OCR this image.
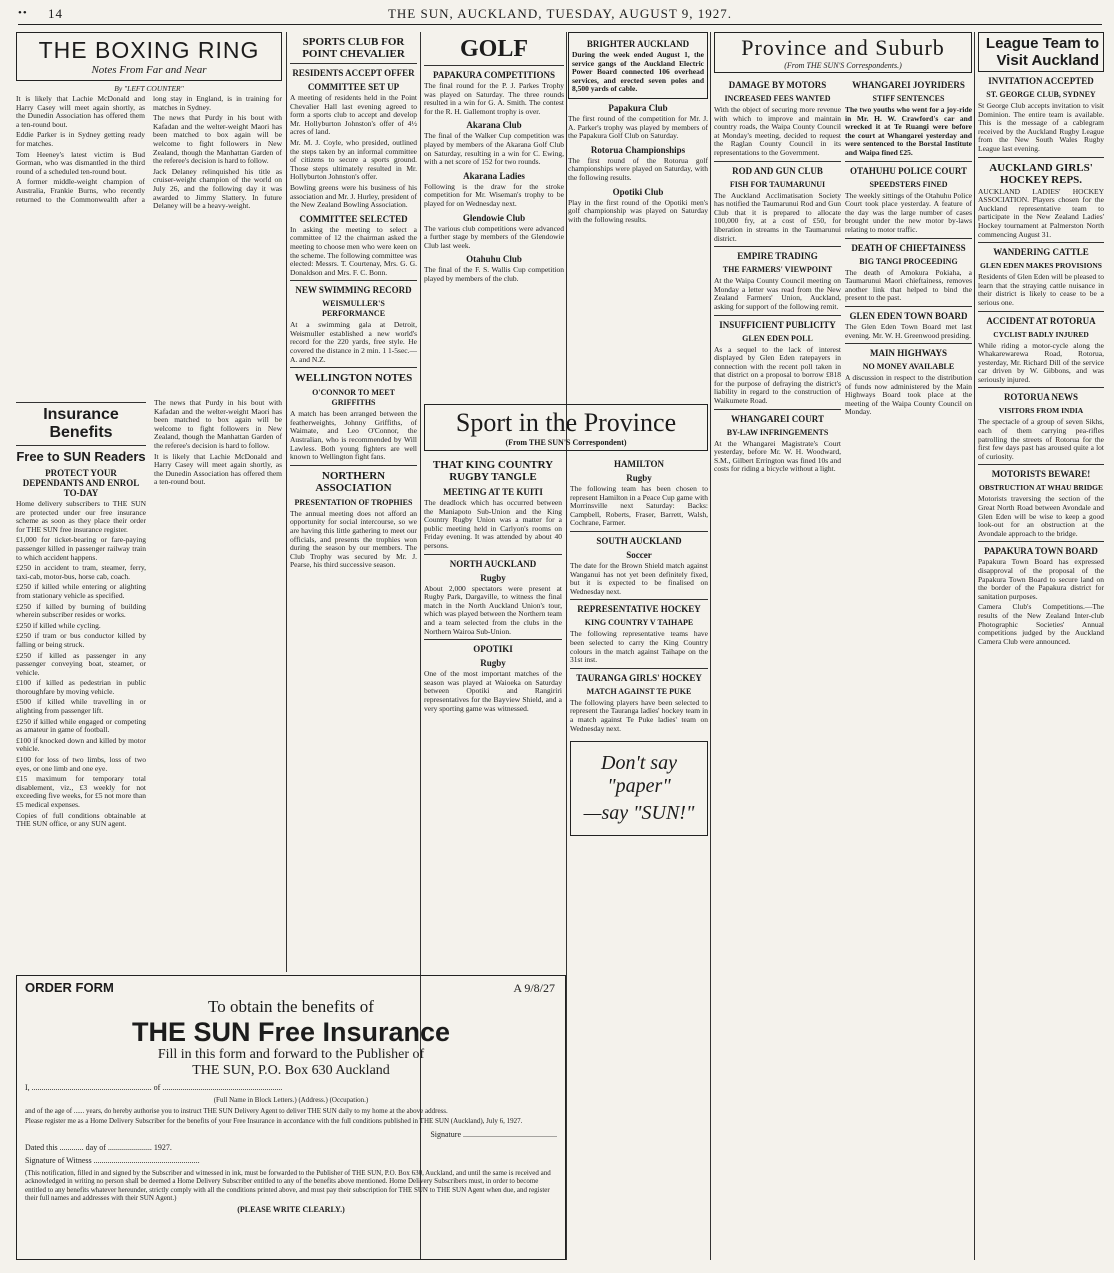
•• 14	THE SUN, AUCKLAND, TUESDAY, AUGUST 9, 1927.
THE BOXING RING
Notes From Far and Near
By "LEFT COUNTER"

It is likely that Lachie McDonald and Harry Casey will meet again shortly, as the Dunedin Association has offered them a ten-round bout.

Eddie Parker is in Sydney getting ready for matches.

Tom Heeney's latest victim is Bud Gorman, who was dismantled in the third round of a scheduled ten-round bout.

A former middle-weight champion of Australia, Frankie Burns, who recently returned to the Commonwealth after a long stay in England, is in training for matches in Sydney.

The news that Purdy in his bout with Kafadan and the welter-weight Maori has been matched to box again will be welcome to fight followers in New Zealand, though the Manhattan Garden of the referee's decision is hard to follow.

Jack Delaney relinquished his title as cruiser-weight champion of the world on July 26, and the following day it was awarded to Jimmy Slattery. In future Delaney will be a heavy-weight.

Insurance Benefits
Free to SUN Readers
PROTECT YOUR DEPENDANTS AND ENROL TO-DAY

Home delivery subscribers to THE SUN are protected under our free insurance scheme as soon as they place their order for THE SUN free insurance register.

£1,000 for ticket-bearing or fare-paying passenger killed in passenger railway train to which accident happens.

£250 in accident to tram, steamer, ferry, taxi-cab, motor-bus, horse cab, coach.

£250 if killed while entering or alighting from stationary vehicle as specified.

£250 if killed by burning of building wherein subscriber resides or works.

£250 if killed while cycling.

£250 if tram or bus conductor killed by falling or being struck.

£250 if killed as passenger in any passenger conveying boat, steamer, or vehicle.

£100 if killed as pedestrian in public thoroughfare by moving vehicle.

£500 if killed while travelling in or alighting from passenger lift.

£250 if killed while engaged or competing as amateur in game of football.

£100 if knocked down and killed by motor vehicle.

£100 for loss of two limbs, loss of two eyes, or one limb and one eye.

£15 maximum for temporary total disablement, viz., £3 weekly for not exceeding five weeks, for £5 not more than £5 medical expenses.

Copies of full conditions obtainable at THE SUN office, or any SUN agent.

The news that Purdy in his bout with Kafadan and the welter-weight Maori has been matched to box again will be welcome to fight followers in New Zealand, though the Manhattan Garden of the referee's decision is hard to follow.

It is likely that Lachie McDonald and Harry Casey will meet again shortly, as the Dunedin Association has offered them a ten-round bout.

SPORTS CLUB FOR POINT CHEVALIER
RESIDENTS ACCEPT OFFER
COMMITTEE SET UP

A meeting of residents held in the Point Chevalier Hall last evening agreed to form a sports club to accept and develop Mr. Hollyburton Johnston's offer of 4½ acres of land.

Mr. M. J. Coyle, who presided, outlined the steps taken by an informal committee of citizens to secure a sports ground. Those steps ultimately resulted in Mr. Hollyburton Johnston's offer.

Bowling greens were his business of his association and Mr. J. Hurley, president of the New Zealand Bowling Association.

COMMITTEE SELECTED

In asking the meeting to select a committee of 12 the chairman asked the meeting to choose men who were keen on the scheme. The following committee was elected: Messrs. T. Courtenay, Mrs. G. G. Donaldson and Mrs. F. C. Bonn.

NEW SWIMMING RECORD
WEISMULLER'S PERFORMANCE

At a swimming gala at Detroit, Weismuller established a new world's record for the 220 yards, free style. He covered the distance in 2 min. 1 1-5sec.—A. and N.Z.

WELLINGTON NOTES
O'CONNOR TO MEET GRIFFITHS

A match has been arranged between the featherweights, Johnny Griffiths, of Waimate, and Leo O'Connor, the Australian, who is recommended by Will Lawless. Both young fighters are well known to Wellington fight fans.

NORTHERN ASSOCIATION
PRESENTATION OF TROPHIES

The annual meeting does not afford an opportunity for social intercourse, so we are having this little gathering to meet our officials, and presents the trophies won during the season by our members. The Club Trophy was secured by Mr. J. Pearse, his third successive season.

GOLF
PAPAKURA COMPETITIONS

The final round for the P. J. Parkes Trophy was played on Saturday. The three rounds resulted in a win for G. A. Smith. The contest for the R. H. Gallemont trophy is over.

Akarana Club

The final of the Walker Cup competition was played by members of the Akarana Golf Club on Saturday, resulting in a win for C. Ewing, with a net score of 152 for two rounds.

Akarana Ladies

Following is the draw for the stroke competition for Mr. Wiseman's trophy to be played for on Wednesday next.

Glendowie Club

The various club competitions were advanced a further stage by members of the Glendowie Club last week.

Otahuhu Club

The final of the F. S. Wallis Cup competition played by members of the club.

BRIGHTER AUCKLAND

During the week ended August 1, the service gangs of the Auckland Electric Power Board connected 106 overhead services, and erected seven poles and 8,500 yards of cable.

Papakura Club

The first round of the competition for Mr. J. A. Parker's trophy was played by members of the Papakura Golf Club on Saturday.

Rotorua Championships

The first round of the Rotorua golf championships were played on Saturday, with the following results.

Opotiki Club

Play in the first round of the Opotiki men's golf championship was played on Saturday with the following results.

Sport in the Province
(From THE SUN'S Correspondent)
THAT KING COUNTRY RUGBY TANGLE
MEETING AT TE KUITI

The deadlock which has occurred between the Maniapoto Sub-Union and the King Country Rugby Union was a matter for a public meeting held in Carlyon's rooms on Friday evening. It was attended by about 40 persons.

NORTH AUCKLAND
Rugby

About 2,000 spectators were present at Rugby Park, Dargaville, to witness the final match in the North Auckland Union's tour, which was played between the Northern team and a team selected from the clubs in the Northern Wairoa Sub-Union.

OPOTIKI
Rugby

One of the most important matches of the season was played at Waioeka on Saturday between Opotiki and Rangiriri representatives for the Bayview Shield, and a very sporting game was witnessed.

HAMILTON
Rugby

The following team has been chosen to represent Hamilton in a Peace Cup game with Morrinsville next Saturday: Backs: Campbell, Roberts, Fraser, Barrett, Walsh, Cochrane, Farmer.

SOUTH AUCKLAND
Soccer

The date for the Brown Shield match against Wanganui has not yet been definitely fixed, but it is expected to be finalised on Wednesday next.

REPRESENTATIVE HOCKEY
KING COUNTRY V TAIHAPE

The following representative teams have been selected to carry the King Country colours in the match against Taihape on the 31st inst.

TAURANGA GIRLS' HOCKEY
MATCH AGAINST TE PUKE

The following players have been selected to represent the Tauranga ladies' hockey team in a match against Te Puke ladies' team on Wednesday next.

Don't say "paper"
—say "SUN!"
ORDER FORM	A 9/8/27
To obtain the benefits of
THE SUN Free Insurance
Fill in this form and forward to the Publisher of
THE SUN, P.O. Box 630 Auckland
I, ............................................................ of ............................................................
(Full Name in Block Letters.) (Address.) (Occupation.)
and of the age of ...... years, do hereby authorise you to instruct THE SUN Delivery Agent to deliver THE SUN daily to my home at the above address.
Please register me as a Home Delivery Subscriber for the benefits of your Free Insurance in accordance with the full conditions published in THE SUN (Auckland), July 6, 1927.
Signature ...............................................
Dated this ............ day of ...................... 1927.
Signature of Witness .....................................................
(This notification, filled in and signed by the Subscriber and witnessed in ink, must be forwarded to the Publisher of THE SUN, P.O. Box 630, Auckland, and until the same is received and acknowledged in writing no person shall be deemed a Home Delivery Subscriber entitled to any of the benefits above mentioned. Home Delivery Subscribers must, in order to become entitled to any benefits whatever hereunder, strictly comply with all the conditions printed above, and must pay their subscription for THE SUN to THE SUN Agent when due, and register their full names and addresses with their SUN Agent.)
(PLEASE WRITE CLEARLY.)
Province and Suburb
(From THE SUN'S Correspondents.)
DAMAGE BY MOTORS
INCREASED FEES WANTED

With the object of securing more revenue with which to improve and maintain country roads, the Waipa County Council at Monday's meeting, decided to request the Raglan County Council in its representations to the Government.

ROD AND GUN CLUB
FISH FOR TAUMARUNUI

The Auckland Acclimatisation Society has notified the Taumarunui Rod and Gun Club that it is prepared to allocate 100,000 fry, at a cost of £50, for liberation in streams in the Taumarunui district.

EMPIRE TRADING
THE FARMERS' VIEWPOINT

At the Waipa County Council meeting on Monday a letter was read from the New Zealand Farmers' Union, Auckland, asking for support of the following remit.

INSUFFICIENT PUBLICITY
GLEN EDEN POLL

As a sequel to the lack of interest displayed by Glen Eden ratepayers in connection with the recent poll taken in that district on a proposal to borrow £818 for the purpose of defraying the district's liability in regard to the construction of Waikumete Road.

WHANGAREI COURT
BY-LAW INFRINGEMENTS

At the Whangarei Magistrate's Court yesterday, before Mr. W. H. Woodward, S.M., Gilbert Errington was fined 10s and costs for riding a bicycle without a light.

WHANGAREI JOYRIDERS
STIFF SENTENCES

The two youths who went for a joy-ride in Mr. H. W. Crawford's car and wrecked it at Te Ruangi were before the court at Whangarei yesterday and were sentenced to the Borstal Institute and Waipa fined £25.

OTAHUHU POLICE COURT
SPEEDSTERS FINED

The weekly sittings of the Otahuhu Police Court took place yesterday. A feature of the day was the large number of cases brought under the new motor by-laws relating to motor traffic.

DEATH OF CHIEFTAINESS
BIG TANGI PROCEEDING

The death of Amokura Pokiaha, a Taumarunui Maori chieftainess, removes another link that helped to bind the present to the past.

GLEN EDEN TOWN BOARD

The Glen Eden Town Board met last evening. Mr. W. H. Greenwood presiding.

MAIN HIGHWAYS
NO MONEY AVAILABLE

A discussion in respect to the distribution of funds now administered by the Main Highways Board took place at the meeting of the Waipa County Council on Monday.

League Team to Visit Auckland
INVITATION ACCEPTED
ST. GEORGE CLUB, SYDNEY

St George Club accepts invitation to visit Dominion. The entire team is available. This is the message of a cablegram received by the Auckland Rugby League from the New South Wales Rugby League last evening.

AUCKLAND GIRLS' HOCKEY REPS.

AUCKLAND LADIES' HOCKEY ASSOCIATION. Players chosen for the Auckland representative team to participate in the New Zealand Ladies' Hockey tournament at Palmerston North commencing August 31.

WANDERING CATTLE
GLEN EDEN MAKES PROVISIONS

Residents of Glen Eden will be pleased to learn that the straying cattle nuisance in their district is likely to cease to be a serious one.

ACCIDENT AT ROTORUA
CYCLIST BADLY INJURED

While riding a motor-cycle along the Whakarewarewa Road, Rotorua, yesterday, Mr. Richard Dill of the service car driven by W. Gibbons, and was seriously injured.

ROTORUA NEWS
VISITORS FROM INDIA

The spectacle of a group of seven Sikhs, each of them carrying pea-rifles patrolling the streets of Rotorua for the first few days past has aroused quite a lot of curiosity.

MOTORISTS BEWARE!
OBSTRUCTION AT WHAU BRIDGE

Motorists traversing the section of the Great North Road between Avondale and Glen Eden will be wise to keep a good look-out for an obstruction at the Avondale approach to the bridge.

PAPAKURA TOWN BOARD

Papakura Town Board has expressed disapproval of the proposal of the Papakura Town Board to secure land on the border of the Papakura district for sanitation purposes.

Camera Club's Competitions.—The results of the New Zealand Inter-club Photographic Societies' Annual competitions judged by the Auckland Camera Club were announced.
